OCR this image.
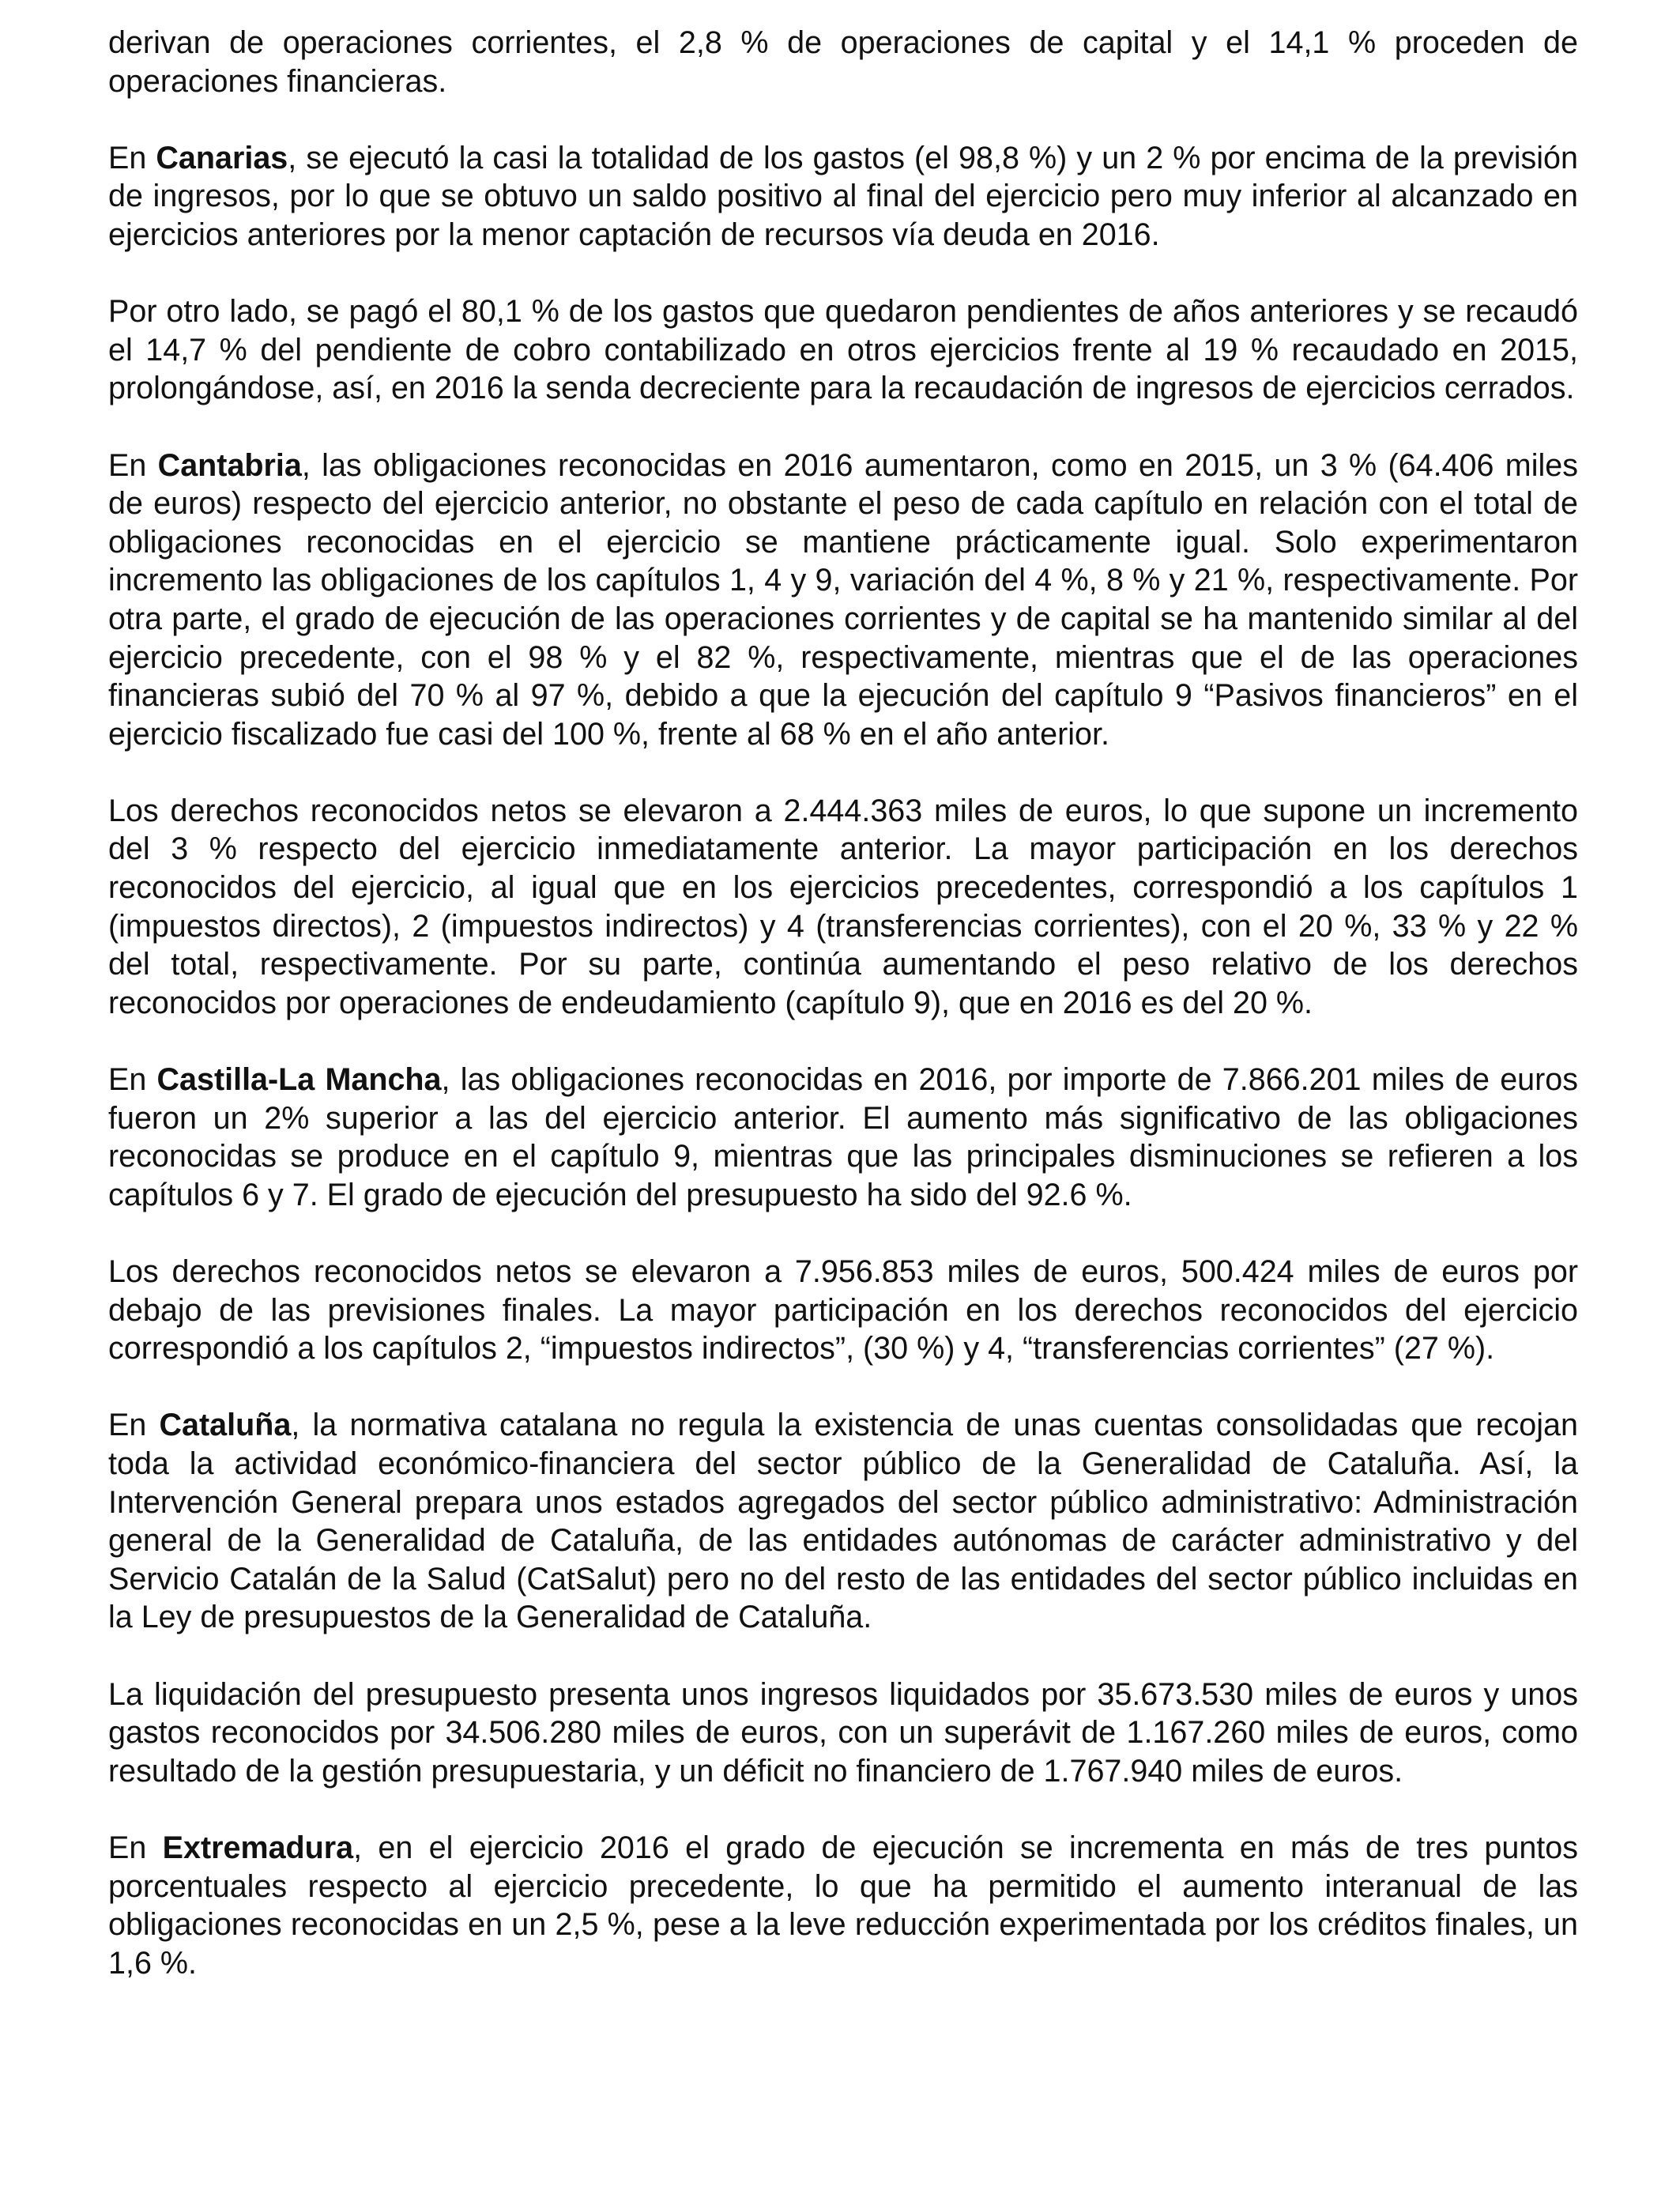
derivan de operaciones corrientes, el 2,8 % de operaciones de capital y el 14,1 % proceden de operaciones financieras.

En Canarias, se ejecutó la casi la totalidad de los gastos (el 98,8 %) y un 2 % por encima de la previsión de ingresos, por lo que se obtuvo un saldo positivo al final del ejercicio pero muy inferior al alcanzado en ejercicios anteriores por la menor captación de recursos vía deuda en 2016.

Por otro lado, se pagó el 80,1 % de los gastos que quedaron pendientes de años anteriores y se recaudó el 14,7 % del pendiente de cobro contabilizado en otros ejercicios frente al 19 % recaudado en 2015, prolongándose, así, en 2016 la senda decreciente para la recaudación de ingresos de ejercicios cerrados.

En Cantabria, las obligaciones reconocidas en 2016 aumentaron, como en 2015, un 3 % (64.406 miles de euros) respecto del ejercicio anterior, no obstante el peso de cada capítulo en relación con el total de obligaciones reconocidas en el ejercicio se mantiene prácticamente igual. Solo experimentaron incremento las obligaciones de los capítulos 1, 4 y 9, variación del 4 %, 8 % y 21 %, respectivamente. Por otra parte, el grado de ejecución de las operaciones corrientes y de capital se ha mantenido similar al del ejercicio precedente, con el 98 % y el 82 %, respectivamente, mientras que el de las operaciones financieras subió del 70 % al 97 %, debido a que la ejecución del capítulo 9 “Pasivos financieros” en el ejercicio fiscalizado fue casi del 100 %, frente al 68 % en el año anterior.

Los derechos reconocidos netos se elevaron a 2.444.363 miles de euros, lo que supone un incremento del 3 % respecto del ejercicio inmediatamente anterior. La mayor participación en los derechos reconocidos del ejercicio, al igual que en los ejercicios precedentes, correspondió a los capítulos 1 (impuestos directos), 2 (impuestos indirectos) y 4 (transferencias corrientes), con el 20 %, 33 % y 22 % del total, respectivamente. Por su parte, continúa aumentando el peso relativo de los derechos reconocidos por operaciones de endeudamiento (capítulo 9), que en 2016 es del 20 %.

En Castilla-La Mancha, las obligaciones reconocidas en 2016, por importe de 7.866.201 miles de euros fueron un 2% superior a las del ejercicio anterior. El aumento más significativo de las obligaciones reconocidas se produce en el capítulo 9, mientras que las principales disminuciones se refieren a los capítulos 6 y 7. El grado de ejecución del presupuesto ha sido del 92.6 %.

Los derechos reconocidos netos se elevaron a 7.956.853 miles de euros, 500.424 miles de euros por debajo de las previsiones finales. La mayor participación en los derechos reconocidos del ejercicio correspondió a los capítulos 2, “impuestos indirectos”, (30 %) y 4, “transferencias corrientes” (27 %).

En Cataluña, la normativa catalana no regula la existencia de unas cuentas consolidadas que recojan toda la actividad económico-financiera del sector público de la Generalidad de Cataluña. Así, la Intervención General prepara unos estados agregados del sector público administrativo: Administración general de la Generalidad de Cataluña, de las entidades autónomas de carácter administrativo y del Servicio Catalán de la Salud (CatSalut) pero no del resto de las entidades del sector público incluidas en la Ley de presupuestos de la Generalidad de Cataluña.

La liquidación del presupuesto presenta unos ingresos liquidados por 35.673.530 miles de euros y unos gastos reconocidos por 34.506.280 miles de euros, con un superávit de 1.167.260 miles de euros, como resultado de la gestión presupuestaria, y un déficit no financiero de 1.767.940 miles de euros.

En Extremadura, en el ejercicio 2016 el grado de ejecución se incrementa en más de tres puntos porcentuales respecto al ejercicio precedente, lo que ha permitido el aumento interanual de las obligaciones reconocidas en un 2,5 %, pese a la leve reducción experimentada por los créditos finales, un 1,6 %.
